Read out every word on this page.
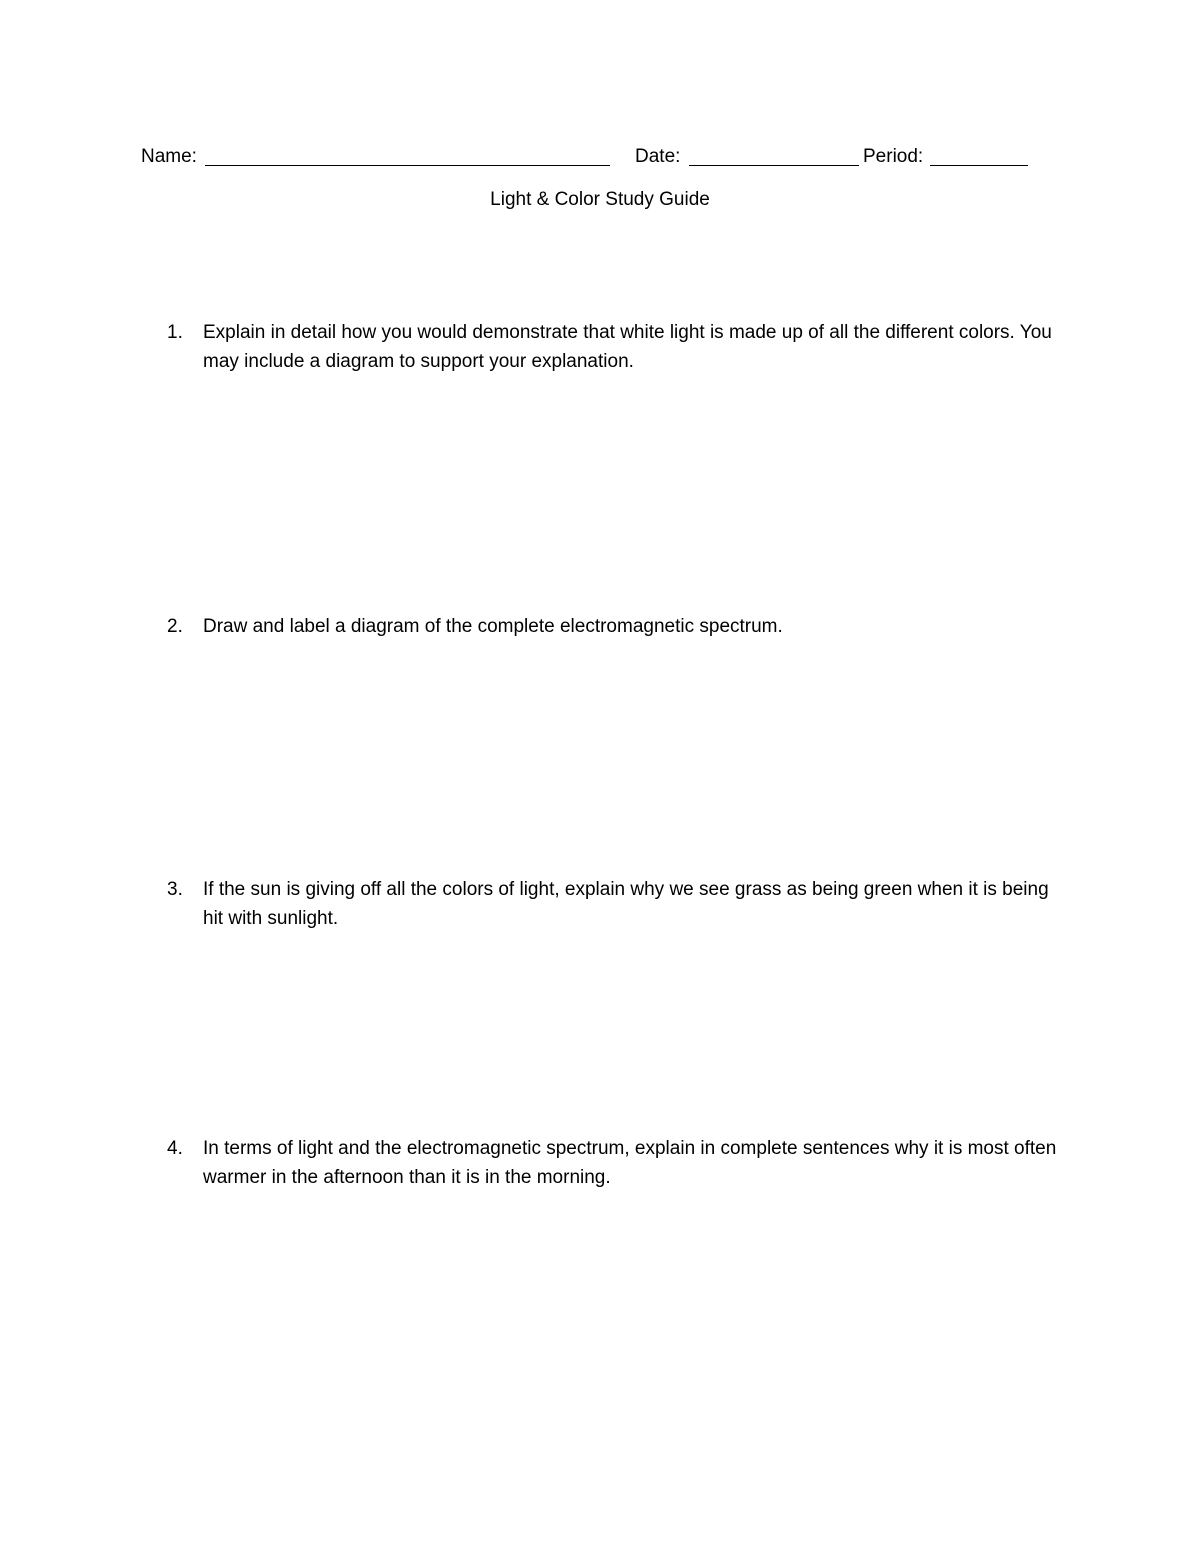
Name:	Date:	Period:
Light & Color Study Guide
1.	Explain in detail how you would demonstrate that white light is made up of all the different colors. You may include a diagram to support your explanation.
2.	Draw and label a diagram of the complete electromagnetic spectrum.
3.	If the sun is giving off all the colors of light, explain why we see grass as being green when it is being hit with sunlight.
4.	In terms of light and the electromagnetic spectrum, explain in complete sentences why it is most often warmer in the afternoon than it is in the morning.
